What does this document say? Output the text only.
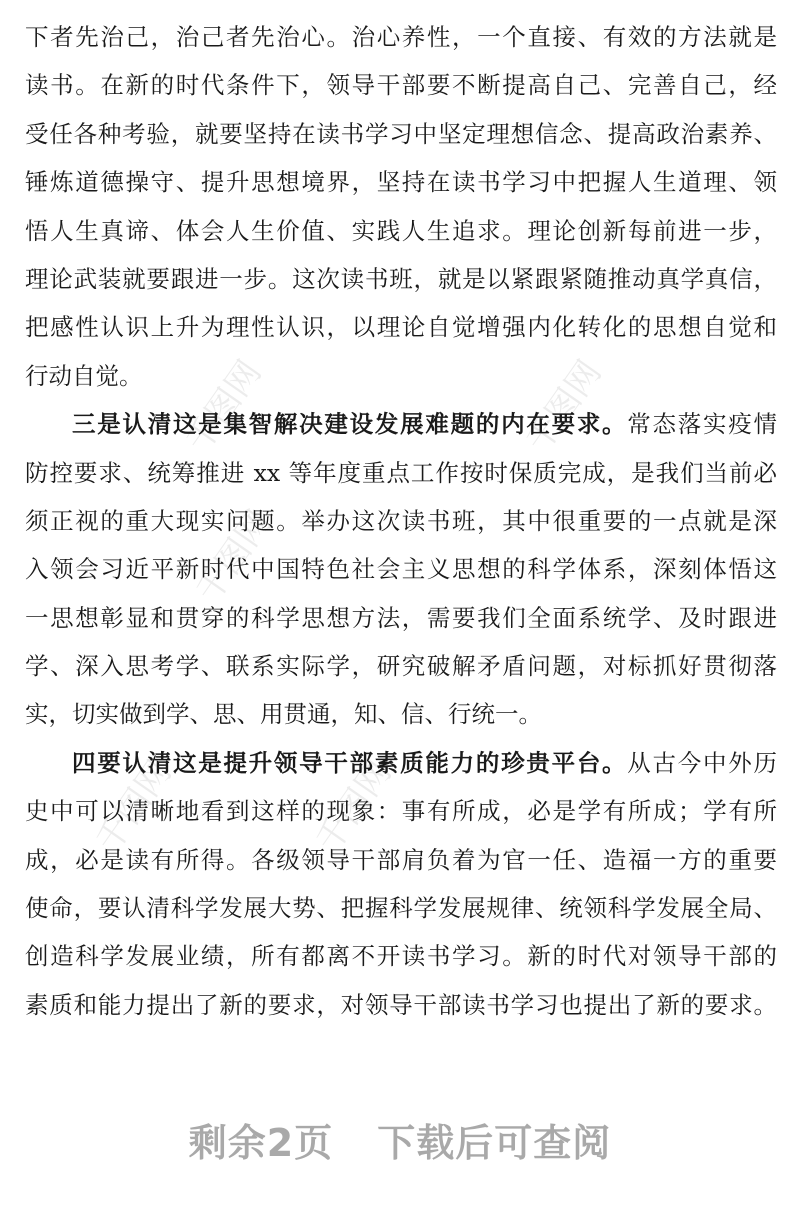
千图网	千图网
千图网
千图网	千图网
下者先治己，治己者先治心。治心养性，一个直接、有效的方法就是
读书。在新的时代条件下，领导干部要不断提高自己、完善自己，经
受任各种考验，就要坚持在读书学习中坚定理想信念、提高政治素养、
锤炼道德操守、提升思想境界，坚持在读书学习中把握人生道理、领
悟人生真谛、体会人生价值、实践人生追求。理论创新每前进一步，
理论武装就要跟进一步。这次读书班，就是以紧跟紧随推动真学真信，
把感性认识上升为理性认识，以理论自觉增强内化转化的思想自觉和
行动自觉。
三是认清这是集智解决建设发展难题的内在要求。常态落实疫情
防控要求、统筹推进 xx 等年度重点工作按时保质完成，是我们当前必
须正视的重大现实问题。举办这次读书班，其中很重要的一点就是深
入领会习近平新时代中国特色社会主义思想的科学体系，深刻体悟这
一思想彰显和贯穿的科学思想方法，需要我们全面系统学、及时跟进
学、深入思考学、联系实际学，研究破解矛盾问题，对标抓好贯彻落
实，切实做到学、思、用贯通，知、信、行统一。
四要认清这是提升领导干部素质能力的珍贵平台。从古今中外历
史中可以清晰地看到这样的现象：事有所成，必是学有所成；学有所
成，必是读有所得。各级领导干部肩负着为官一任、造福一方的重要
使命，要认清科学发展大势、把握科学发展规律、统领科学发展全局、
创造科学发展业绩，所有都离不开读书学习。新的时代对领导干部的
素质和能力提出了新的要求，对领导干部读书学习也提出了新的要求。
剩余2页 下载后可查阅
